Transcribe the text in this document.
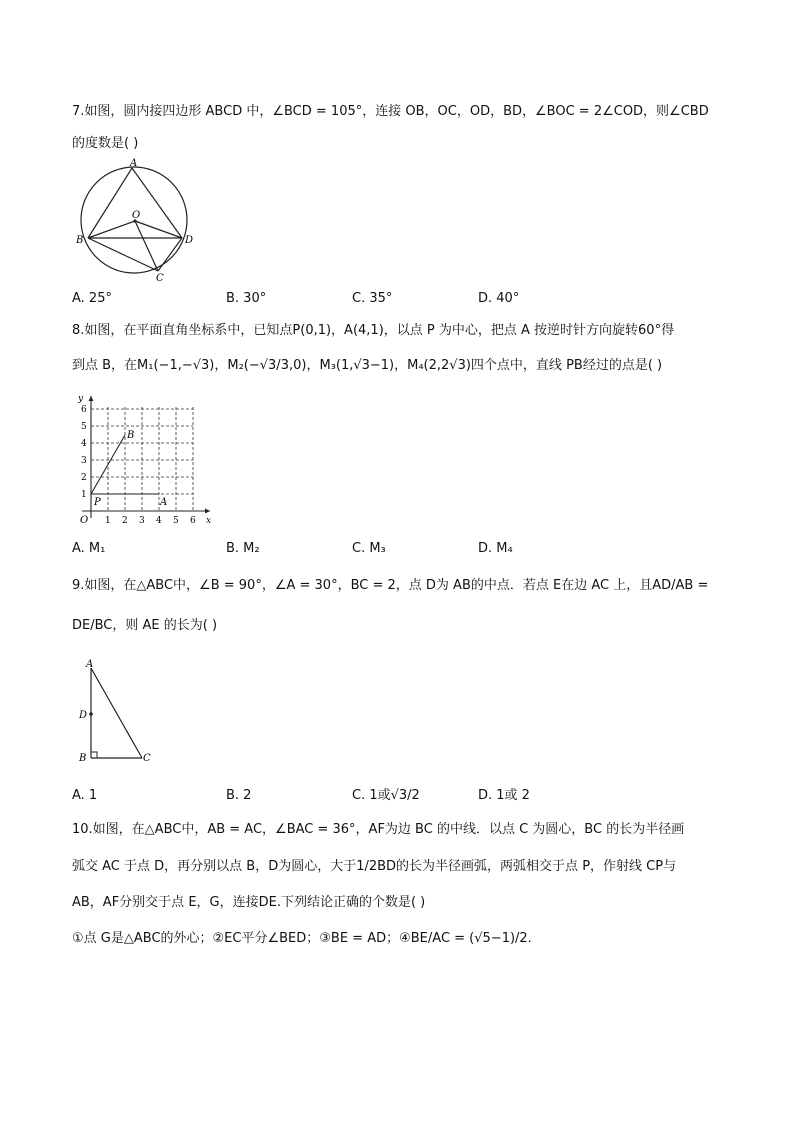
7.如图，圆内接四边形 ABCD 中，∠BCD = 105°，连接 OB，OC，OD，BD，∠BOC = 2∠COD，则∠CBD
的度数是( )
A
O
B	D
C
A. 25°	B. 30°	C. 35°	D. 40°
8.如图，在平面直角坐标系中，已知点P(0,1)，A(4,1)，以点 P 为中心，把点 A 按逆时针方向旋转60°得
到点 B，在M₁(−1,−√3)，M₂(−√3/3,0)，M₃(1,√3−1)，M₄(2,2√3)四个点中，直线 PB经过的点是( )
y
x
O
P	A
B
1 2 3 4 5 6
1
2
3
4
5
6
A. M₁	B. M₂	C. M₃	D. M₄
9.如图，在△ABC中，∠B = 90°，∠A = 30°，BC = 2，点 D为 AB的中点．若点 E在边 AC 上，且AD/AB =
DE/BC，则 AE 的长为( )
A
D
B	C
A. 1	B. 2	C. 1或√3/2	D. 1或 2
10.如图，在△ABC中，AB = AC，∠BAC = 36°，AF为边 BC 的中线．以点 C 为圆心，BC 的长为半径画
弧交 AC 于点 D，再分别以点 B，D为圆心，大于1/2BD的长为半径画弧，两弧相交于点 P，作射线 CP与
AB，AF分别交于点 E，G，连接DE.下列结论正确的个数是( )
①点 G是△ABC的外心；②EC平分∠BED；③BE = AD；④BE/AC = (√5−1)/2.
